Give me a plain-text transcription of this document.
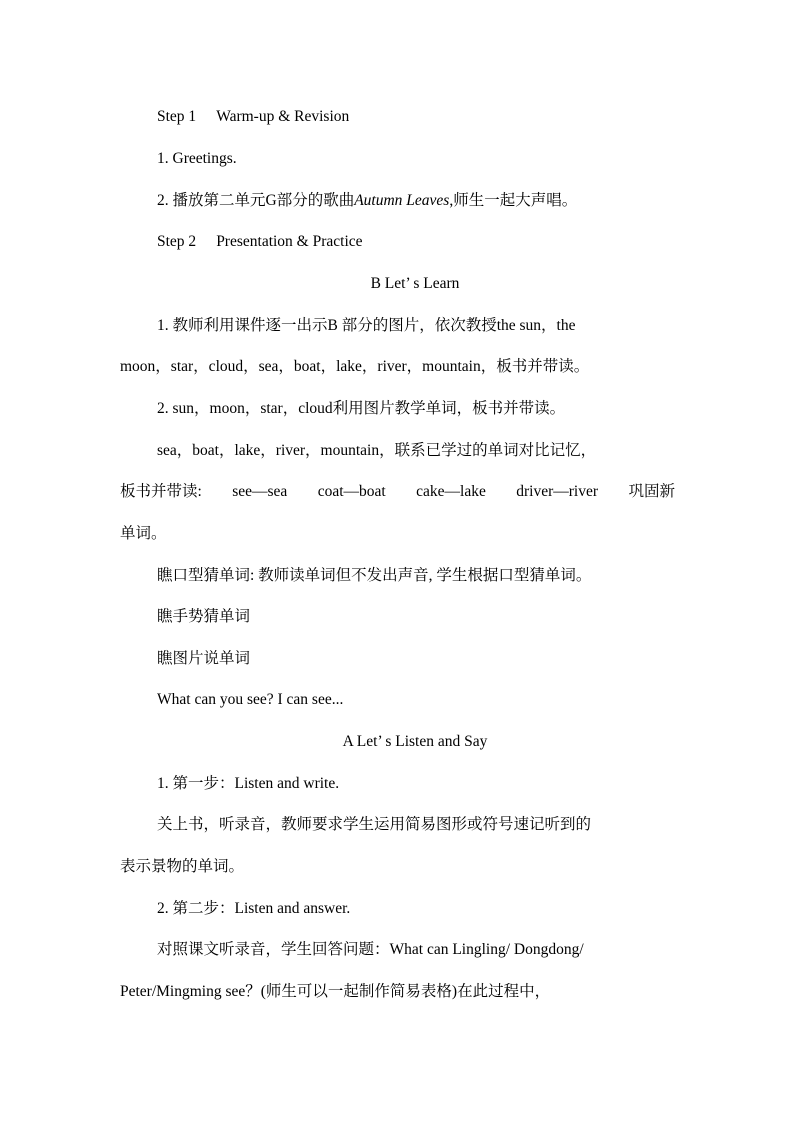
Step 1 Warm-up & Revision
1. Greetings.
2. 播放第二单元G部分的歌曲Autumn Leaves,师生一起大声唱。
Step 2 Presentation & Practice
B Let’ s Learn
1. 教师利用课件逐一出示B 部分的图片，依次教授the sun，the
moon，star，cloud，sea，boat，lake，river，mountain，板书并带读。
2. sun，moon，star，cloud利用图片教学单词，板书并带读。
sea，boat，lake，river，mountain，联系已学过的单词对比记忆，
板书并带读: see—sea coat—boat cake—lake driver—river 巩固新
单词。
瞧口型猜单词: 教师读单词但不发出声音, 学生根据口型猜单词。
瞧手势猜单词
瞧图片说单词
What can you see? I can see...
A Let’ s Listen and Say
1. 第一步：Listen and write.
关上书，听录音，教师要求学生运用简易图形或符号速记听到的
表示景物的单词。
2. 第二步：Listen and answer.
对照课文听录音，学生回答问题：What can Lingling/ Dongdong/
Peter/Mingming see？(师生可以一起制作简易表格)在此过程中，
